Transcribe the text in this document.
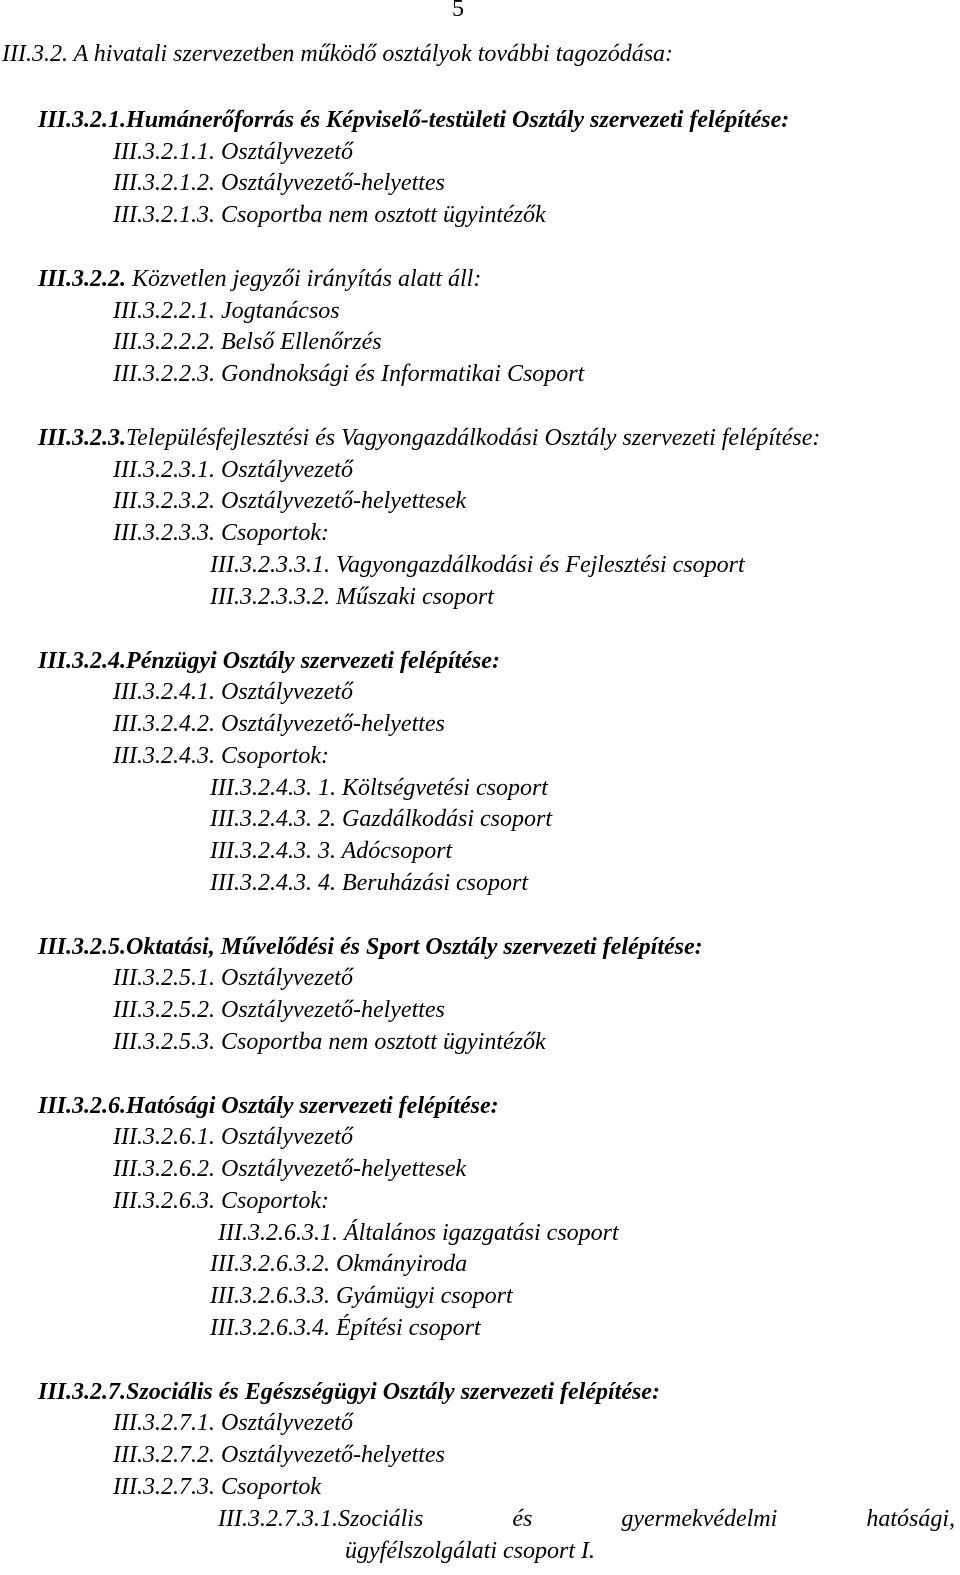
5
III.3.2. A hivatali szervezetben működő osztályok további tagozódása:
III.3.2.1.Humánerőforrás és Képviselő-testületi Osztály szervezeti felépítése:
III.3.2.1.1. Osztályvezető
III.3.2.1.2. Osztályvezető-helyettes
III.3.2.1.3. Csoportba nem osztott ügyintézők
III.3.2.2. Közvetlen jegyzői irányítás alatt áll:
III.3.2.2.1. Jogtanácsos
III.3.2.2.2. Belső Ellenőrzés
III.3.2.2.3. Gondnoksági és Informatikai Csoport
III.3.2.3.Településfejlesztési és Vagyongazdálkodási Osztály szervezeti felépítése:
III.3.2.3.1. Osztályvezető
III.3.2.3.2. Osztályvezető-helyettesek
III.3.2.3.3. Csoportok:
III.3.2.3.3.1. Vagyongazdálkodási és Fejlesztési csoport
III.3.2.3.3.2. Műszaki csoport
III.3.2.4.Pénzügyi Osztály szervezeti felépítése:
III.3.2.4.1. Osztályvezető
III.3.2.4.2. Osztályvezető-helyettes
III.3.2.4.3. Csoportok:
III.3.2.4.3. 1. Költségvetési csoport
III.3.2.4.3. 2. Gazdálkodási csoport
III.3.2.4.3. 3. Adócsoport
III.3.2.4.3. 4. Beruházási csoport
III.3.2.5.Oktatási, Művelődési és Sport Osztály szervezeti felépítése:
III.3.2.5.1. Osztályvezető
III.3.2.5.2. Osztályvezető-helyettes
III.3.2.5.3. Csoportba nem osztott ügyintézők
III.3.2.6.Hatósági Osztály szervezeti felépítése:
III.3.2.6.1. Osztályvezető
III.3.2.6.2. Osztályvezető-helyettesek
III.3.2.6.3. Csoportok:
III.3.2.6.3.1. Általános igazgatási csoport
III.3.2.6.3.2. Okmányiroda
III.3.2.6.3.3. Gyámügyi csoport
III.3.2.6.3.4. Építési csoport
III.3.2.7.Szociális és Egészségügyi Osztály szervezeti felépítése:
III.3.2.7.1. Osztályvezető
III.3.2.7.2. Osztályvezető-helyettes
III.3.2.7.3. Csoportok
III.3.2.7.3.1.Szociális	és	gyermekvédelmi	hatósági,
ügyfélszolgálati csoport I.
